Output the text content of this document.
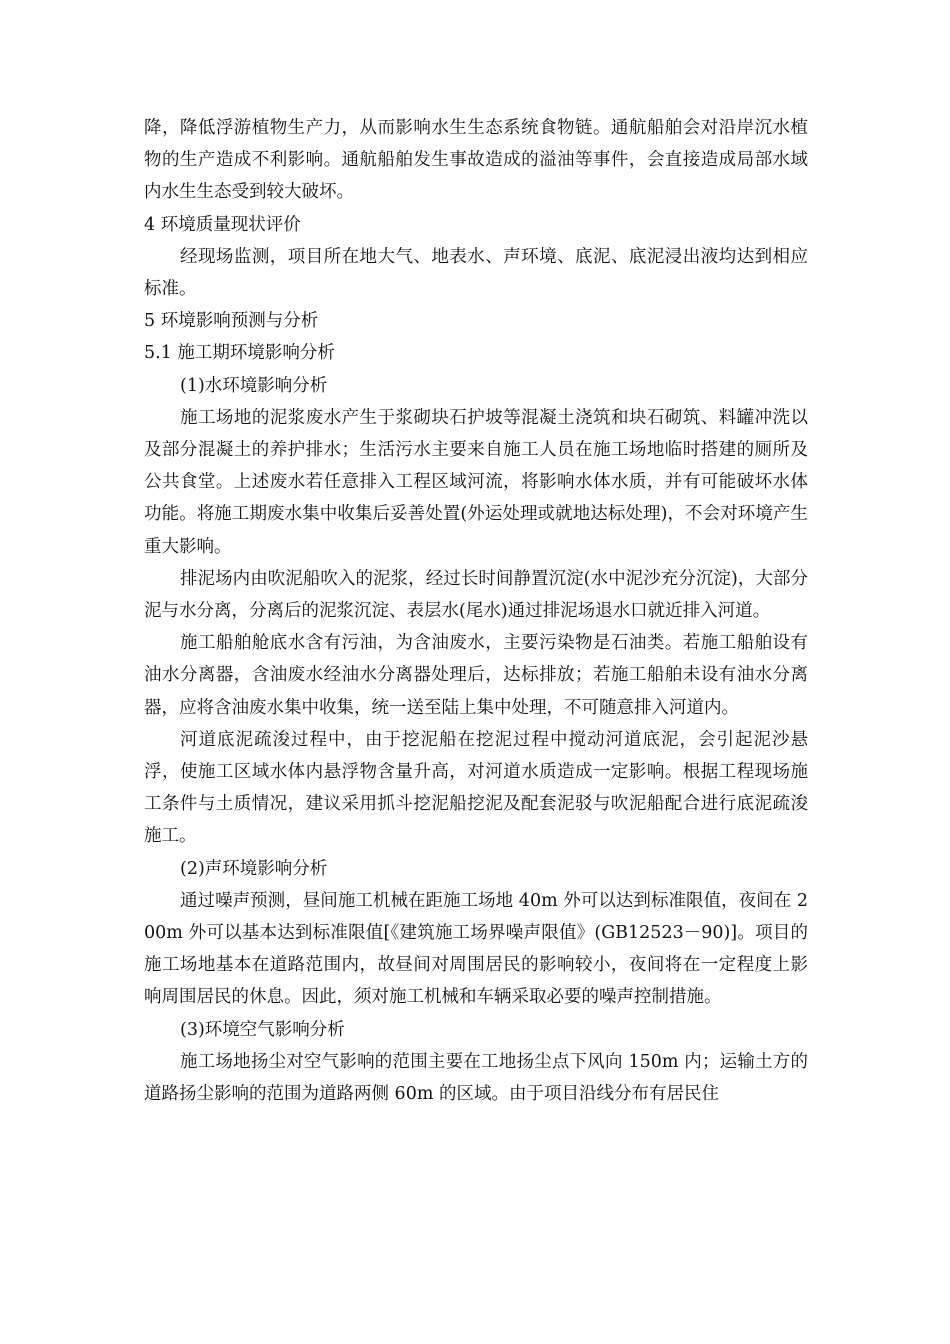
降，降低浮游植物生产力，从而影响水生生态系统食物链。通航船舶会对沿岸沉水植物的生产造成不利影响。通航船舶发生事故造成的溢油等事件，会直接造成局部水域内水生生态受到较大破坏。

4 环境质量现状评价

经现场监测，项目所在地大气、地表水、声环境、底泥、底泥浸出液均达到相应标准。

5 环境影响预测与分析

5.1 施工期环境影响分析

(1)水环境影响分析

施工场地的泥浆废水产生于浆砌块石护坡等混凝土浇筑和块石砌筑、料罐冲洗以及部分混凝土的养护排水；生活污水主要来自施工人员在施工场地临时搭建的厕所及公共食堂。上述废水若任意排入工程区域河流，将影响水体水质，并有可能破坏水体功能。将施工期废水集中收集后妥善处置(外运处理或就地达标处理)，不会对环境产生重大影响。

排泥场内由吹泥船吹入的泥浆，经过长时间静置沉淀(水中泥沙充分沉淀)，大部分泥与水分离，分离后的泥浆沉淀、表层水(尾水)通过排泥场退水口就近排入河道。

施工船舶舱底水含有污油，为含油废水，主要污染物是石油类。若施工船舶设有油水分离器，含油废水经油水分离器处理后，达标排放；若施工船舶未设有油水分离器，应将含油废水集中收集，统一送至陆上集中处理，不可随意排入河道内。

河道底泥疏浚过程中，由于挖泥船在挖泥过程中搅动河道底泥，会引起泥沙悬浮，使施工区域水体内悬浮物含量升高，对河道水质造成一定影响。根据工程现场施工条件与土质情况，建议采用抓斗挖泥船挖泥及配套泥驳与吹泥船配合进行底泥疏浚施工。

(2)声环境影响分析

通过噪声预测，昼间施工机械在距施工场地 40m 外可以达到标准限值，夜间在 200m 外可以基本达到标准限值[《建筑施工场界噪声限值》(GB12523－90)]。项目的施工场地基本在道路范围内，故昼间对周围居民的影响较小，夜间将在一定程度上影响周围居民的休息。因此，须对施工机械和车辆采取必要的噪声控制措施。

(3)环境空气影响分析

施工场地扬尘对空气影响的范围主要在工地扬尘点下风向 150m 内；运输土方的道路扬尘影响的范围为道路两侧 60m 的区域。由于项目沿线分布有居民住
